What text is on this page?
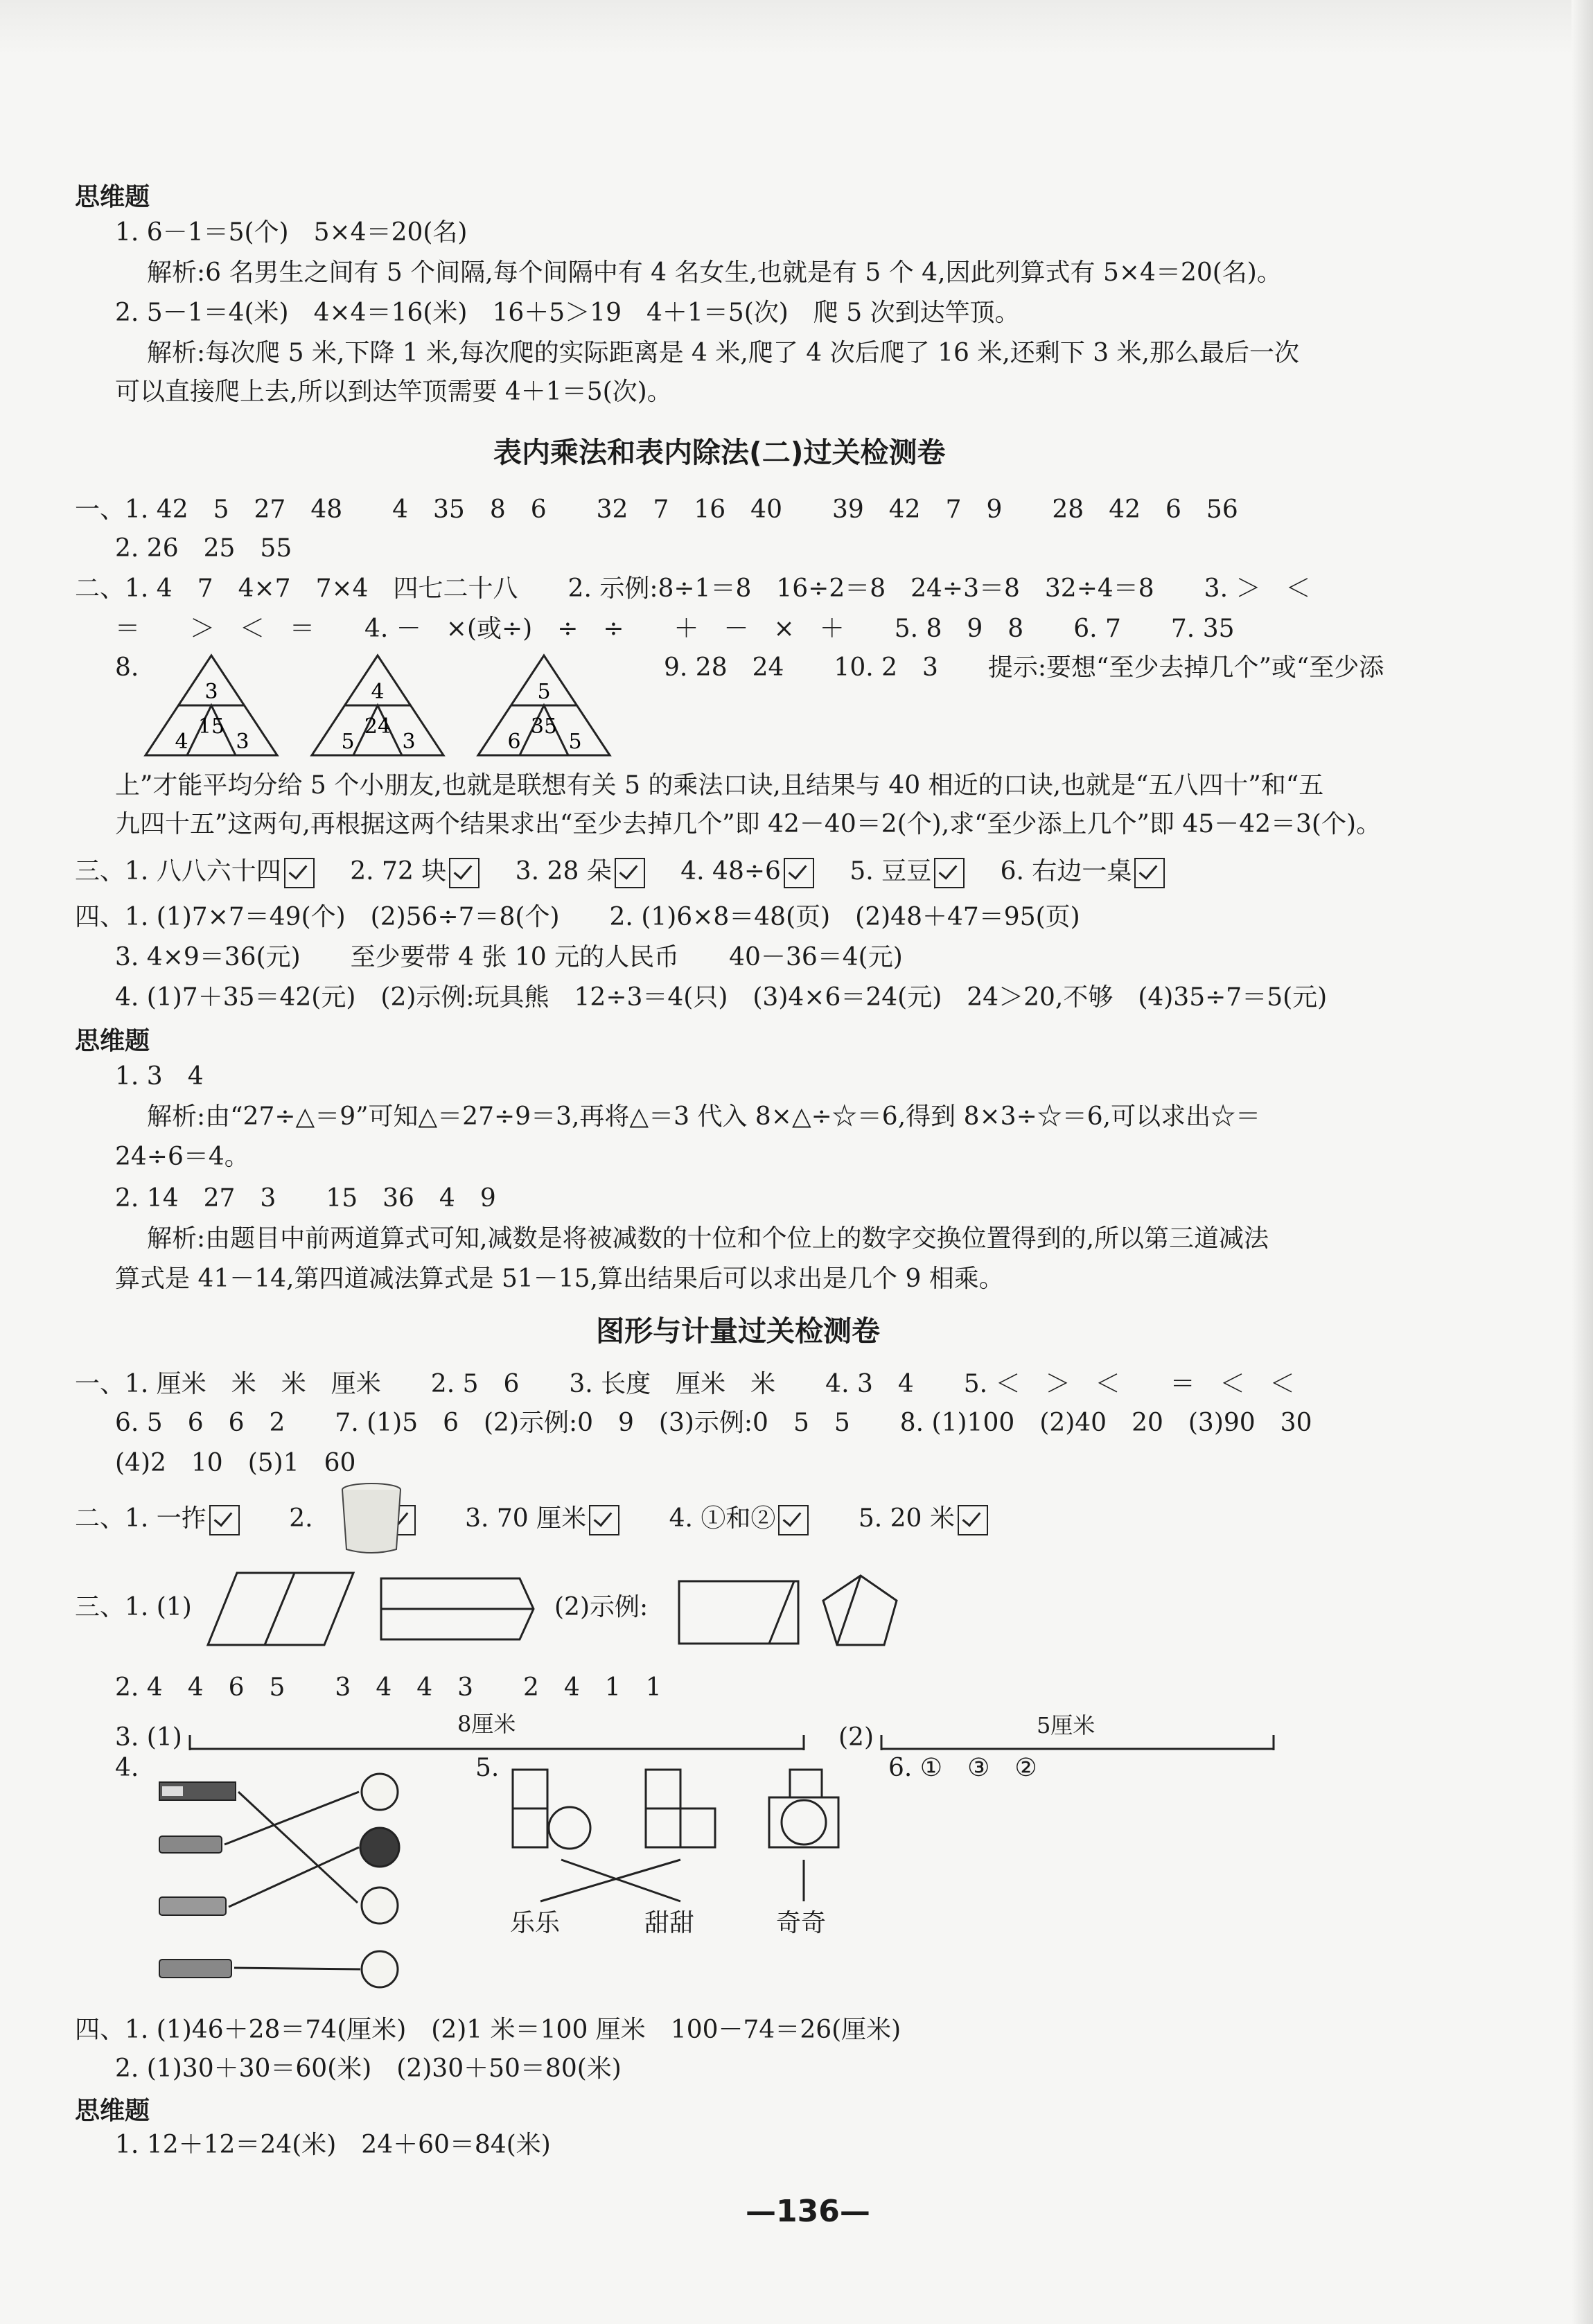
思维题
1. 6－1＝5(个)　5×4＝20(名)
解析:6 名男生之间有 5 个间隔,每个间隔中有 4 名女生,也就是有 5 个 4,因此列算式有 5×4＝20(名)。
2. 5－1＝4(米)　4×4＝16(米)　16＋5＞19　4＋1＝5(次)　爬 5 次到达竿顶。
解析:每次爬 5 米,下降 1 米,每次爬的实际距离是 4 米,爬了 4 次后爬了 16 米,还剩下 3 米,那么最后一次
可以直接爬上去,所以到达竿顶需要 4＋1＝5(次)。
表内乘法和表内除法(二)过关检测卷
一、1. 42　5　27　48　　4　35　8　6　　32　7　16　40　　39　42　7　9　　28　42　6　56
2. 26　25　55
二、1. 4　7　4×7　7×4　四七二十八　　2. 示例:8÷1＝8　16÷2＝8　24÷3＝8　32÷4＝8　　3. ＞　＜
＝　　＞　＜　＝　　4. －　×(或÷)　÷　÷　　＋　－　×　＋　　5. 8　9　8　　6. 7　　7. 35
8.
3
15
4 3
4
24
5 3
5
35
6 5
9. 28　24　　10. 2　3　　提示:要想“至少去掉几个”或“至少添
上”才能平均分给 5 个小朋友,也就是联想有关 5 的乘法口诀,且结果与 40 相近的口诀,也就是“五八四十”和“五
九四十五”这两句,再根据这两个结果求出“至少去掉几个”即 42－40＝2(个),求“至少添上几个”即 45－42＝3(个)。
三、1. 八八六十四	2. 72 块	3. 28 朵	4. 48÷6	5. 豆豆	6. 右边一桌
四、1. (1)7×7＝49(个)　(2)56÷7＝8(个)　　2. (1)6×8＝48(页)　(2)48＋47＝95(页)
3. 4×9＝36(元)　　至少要带 4 张 10 元的人民币　　40－36＝4(元)
4. (1)7＋35＝42(元)　(2)示例:玩具熊　12÷3＝4(只)　(3)4×6＝24(元)　24＞20,不够　(4)35÷7＝5(元)
思维题
1. 3　4
解析:由“27÷△＝9”可知△＝27÷9＝3,再将△＝3 代入 8×△÷☆＝6,得到 8×3÷☆＝6,可以求出☆＝
24÷6＝4。
2. 14　27　3　　15　36　4　9
解析:由题目中前两道算式可知,减数是将被减数的十位和个位上的数字交换位置得到的,所以第三道减法
算式是 41－14,第四道减法算式是 51－15,算出结果后可以求出是几个 9 相乘。
图形与计量过关检测卷
一、1. 厘米　米　米　厘米　　2. 5　6　　3. 长度　厘米　米　　4. 3　4　　5. ＜　＞　＜　　＝　＜　＜
6. 5　6　6　2　　7. (1)5　6　(2)示例:0　9　(3)示例:0　5　5　　8. (1)100　(2)40　20　(3)90　30
(4)2　10　(5)1　60
二、1. 一拃	2.	3. 70 厘米	4. ①和②	5. 20 米
三、1. (1)	(2)示例:
2. 4　4　6　5　　3　4　4　3　　2　4　1　1
3. (1)	8厘米	(2)	5厘米
4.	5.
乐乐	甜甜	奇奇
6. ①　③　②
四、1. (1)46＋28＝74(厘米)　(2)1 米＝100 厘米　100－74＝26(厘米)
2. (1)30＋30＝60(米)　(2)30＋50＝80(米)
思维题
1. 12＋12＝24(米)　24＋60＝84(米)
—136—
